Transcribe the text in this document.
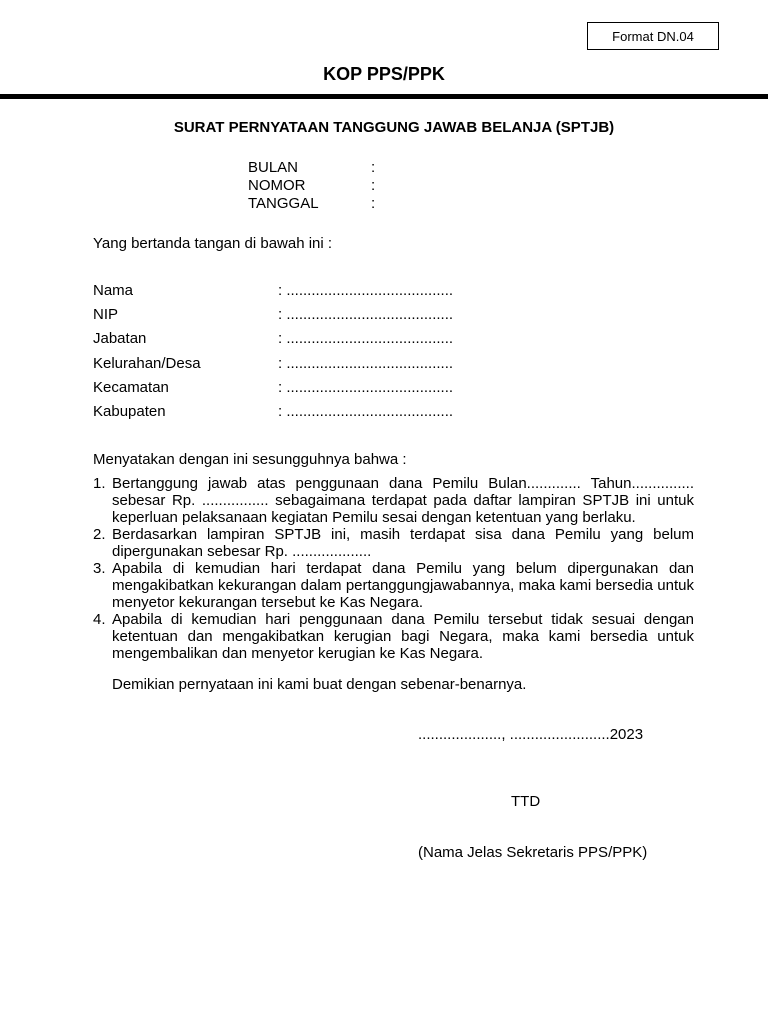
Format DN.04
KOP PPS/PPK
SURAT PERNYATAAN TANGGUNG JAWAB BELANJA (SPTJB)
BULAN	:
NOMOR	:
TANGGAL	:
Yang bertanda tangan di bawah ini :
Nama	: ........................................
NIP	: ........................................
Jabatan	: ........................................
Kelurahan/Desa	: ........................................
Kecamatan	: ........................................
Kabupaten	: ........................................
Menyatakan dengan ini sesungguhnya bahwa :
1. Bertanggung jawab atas penggunaan dana Pemilu Bulan............. Tahun............... sebesar Rp. ................ sebagaimana terdapat pada daftar lampiran SPTJB ini untuk keperluan pelaksanaan kegiatan Pemilu sesai dengan ketentuan yang berlaku.
2. Berdasarkan lampiran SPTJB ini, masih terdapat sisa dana Pemilu yang belum dipergunakan sebesar Rp. ...................
3. Apabila di kemudian hari terdapat dana Pemilu yang belum dipergunakan dan mengakibatkan kekurangan dalam pertanggungjawabannya, maka kami bersedia untuk menyetor kekurangan tersebut ke Kas Negara.
4. Apabila di kemudian hari penggunaan dana Pemilu tersebut tidak sesuai dengan ketentuan dan mengakibatkan kerugian bagi Negara, maka kami bersedia untuk mengembalikan dan menyetor kerugian ke Kas Negara.
Demikian pernyataan ini kami buat dengan sebenar-benarnya.
...................., ........................2023
TTD
(Nama Jelas Sekretaris PPS/PPK)
